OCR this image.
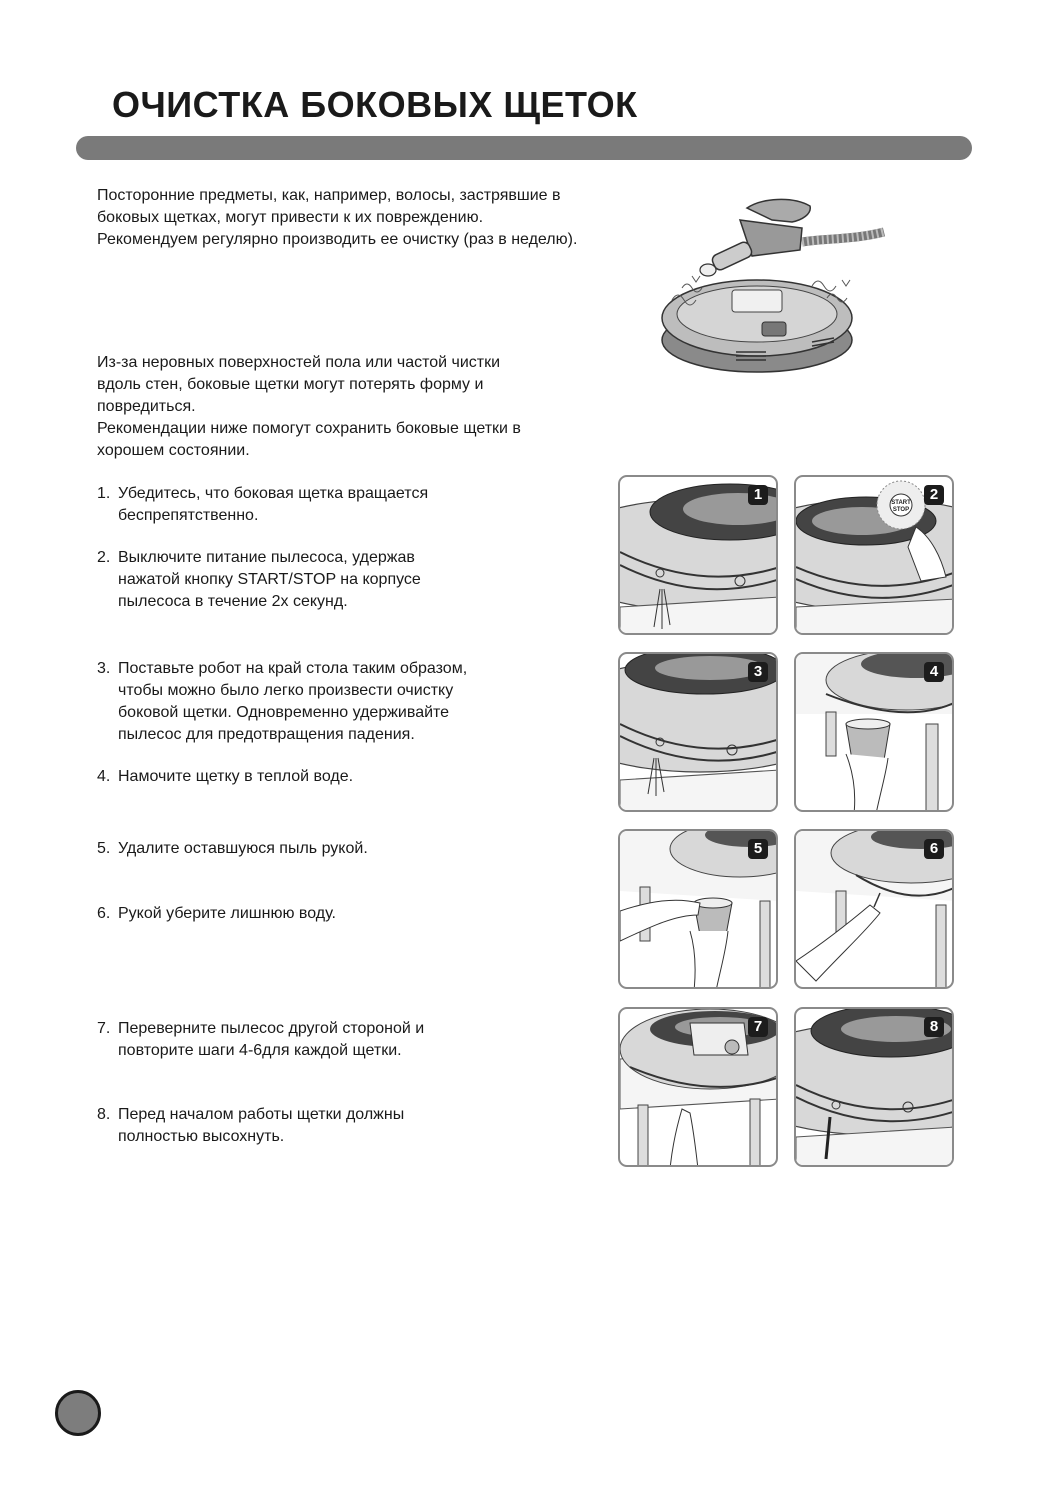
ОЧИСТКА БОКОВЫХ ЩЕТОК
Посторонние предметы, как, например, волосы, застрявшие в
боковых щетках, могут привести к их повреждению.
Рекомендуем регулярно производить ее очистку (раз в неделю).
Из-за неровных поверхностей пола или частой чистки
вдоль стен, боковые щетки могут потерять форму и
повредиться.
Рекомендации ниже помогут сохранить боковые щетки в
хорошем состоянии.
1. Убедитесь, что боковая щетка вращается
беспрепятственно.
2. Выключите питание пылесоса, удержав
нажатой кнопку START/STOP на корпусе
пылесоса в течение 2х секунд.
3. Поставьте робот на край стола таким образом,
чтобы можно было легко произвести очистку
боковой щетки. Одновременно удерживайте
пылесос для предотвращения падения.
4. Намочите щетку в теплой воде.
5. Удалите оставшуюся пыль рукой.
6. Рукой уберите лишнюю воду.
7. Переверните пылесос другой стороной и
повторите шаги 4-6для каждой щетки.
8. Перед началом работы щетки должны
полностью высохнуть.
1	START
STOP
2
3	4
5	6
7	8
